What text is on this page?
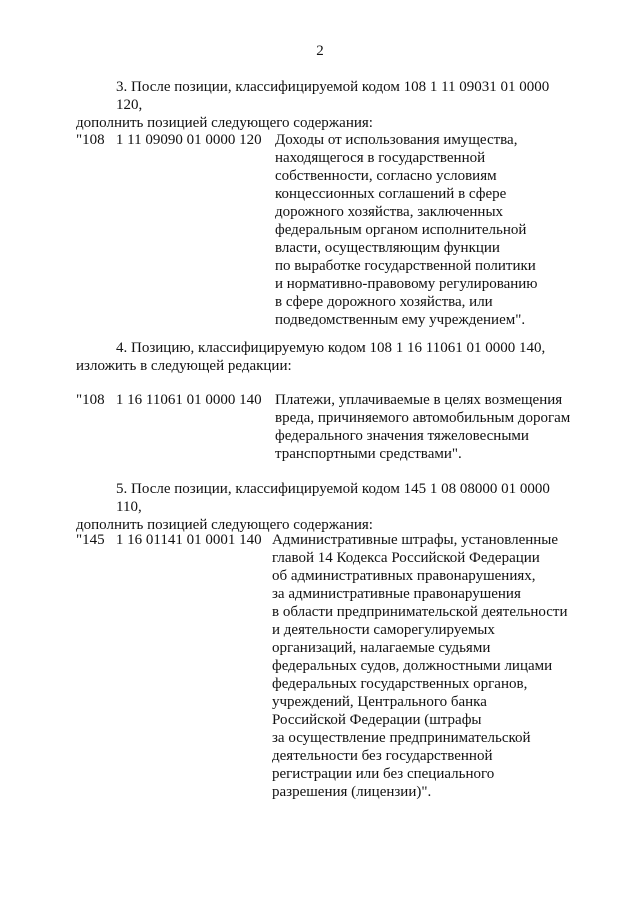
2
3. После позиции, классифицируемой кодом 108 1 11 09031 01 0000 120,
дополнить позицией следующего содержания:
"108   1 11 09090 01 0000 120 Доходы от использования имущества,
находящегося в государственной
собственности, согласно условиям
концессионных соглашений в сфере
дорожного хозяйства, заключенных
федеральным органом исполнительной
власти, осуществляющим функции
по выработке государственной политики
и нормативно-правовому регулированию
в сфере дорожного хозяйства, или
подведомственным ему учреждением".
4. Позицию, классифицируемую кодом 108 1 16 11061 01 0000 140,
изложить в следующей редакции:
"108   1 16 11061 01 0000 140 Платежи, уплачиваемые в целях возмещения
вреда, причиняемого автомобильным дорогам
федерального значения тяжеловесными
транспортными средствами".
5. После позиции, классифицируемой кодом 145 1 08 08000 01 0000 110,
дополнить позицией следующего содержания:
"145   1 16 01141 01 0001 140 Административные штрафы, установленные
главой 14 Кодекса Российской Федерации
об административных правонарушениях,
за административные правонарушения
в области предпринимательской деятельности
и деятельности саморегулируемых
организаций, налагаемые судьями
федеральных судов, должностными лицами
федеральных государственных органов,
учреждений, Центрального банка
Российской Федерации (штрафы
за осуществление предпринимательской
деятельности без государственной
регистрации или без специального
разрешения (лицензии)".
